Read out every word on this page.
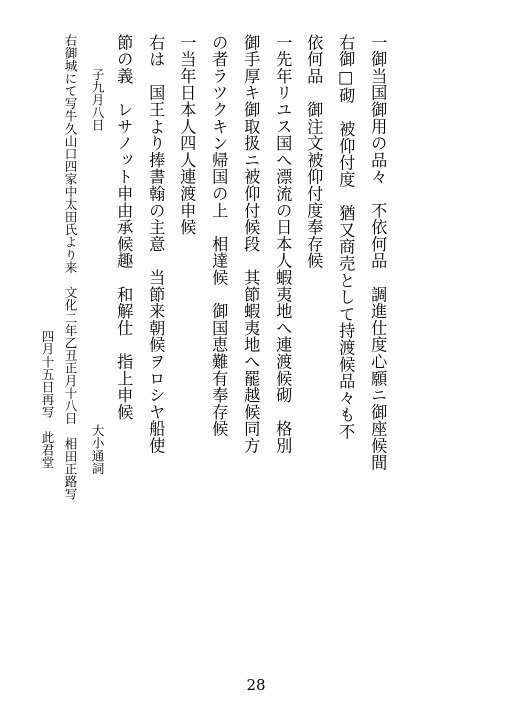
一御当国御用の品々　不依何品　調進仕度心願ニ御座候間
右御□砌　被仰付度　猶又商売として持渡候品々も不
依何品　御注文被仰付度奉存候
一先年リユス国へ漂流の日本人蝦夷地へ連渡候砌　格別
御手厚キ御取扱ニ被仰付候段　其節蝦夷地へ罷越候同方
の者ラツクキン帰国の上　相達候　御国恵難有奉存候
一当年日本人四人連渡申候
右は　国王より捧書翰の主意　当節来朝候ヲロシヤ船使
節の義　レサノット申由承候趣　和解仕　指上申候
子九月八日
大小通詞
右御城にて写牛久山口四家中太田氏より来　文化二年乙丑正月十八日　相田正路写
四月十五日再写　此君堂
28
